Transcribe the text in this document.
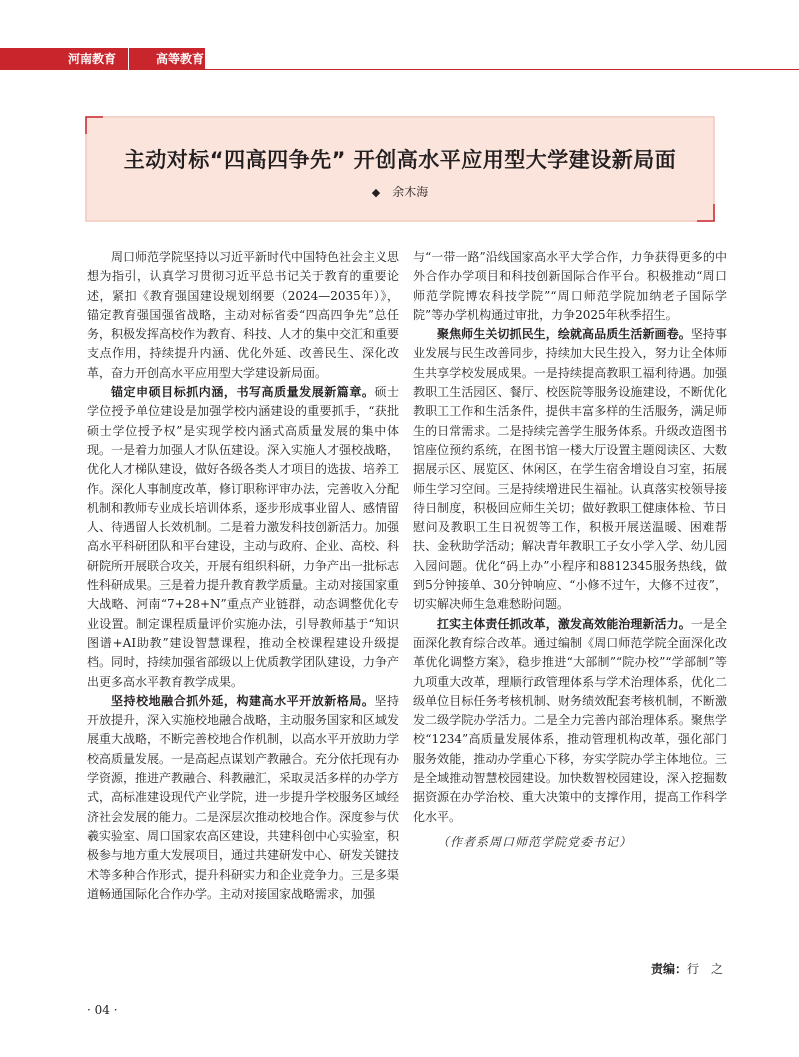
河南教育	高等教育
主动对标“四高四争先” 开创高水平应用型大学建设新局面
◆ 余木海

周口师范学院坚持以习近平新时代中国特色社会主义思想为指引，认真学习贯彻习近平总书记关于教育的重要论述，紧扣《教育强国建设规划纲要（2024—2035年）》，锚定教育强国强省战略，主动对标省委“四高四争先”总任务，积极发挥高校作为教育、科技、人才的集中交汇和重要支点作用，持续提升内涵、优化外延、改善民生、深化改革，奋力开创高水平应用型大学建设新局面。

锚定申硕目标抓内涵，书写高质量发展新篇章。硕士学位授予单位建设是加强学校内涵建设的重要抓手，“获批硕士学位授予权”是实现学校内涵式高质量发展的集中体现。一是着力加强人才队伍建设。深入实施人才强校战略，优化人才梯队建设，做好各级各类人才项目的选拔、培养工作。深化人事制度改革，修订职称评审办法，完善收入分配机制和教师专业成长培训体系，逐步形成事业留人、感情留人、待遇留人长效机制。二是着力激发科技创新活力。加强高水平科研团队和平台建设，主动与政府、企业、高校、科研院所开展联合攻关，开展有组织科研，力争产出一批标志性科研成果。三是着力提升教育教学质量。主动对接国家重大战略、河南“7+28+N”重点产业链群，动态调整优化专业设置。制定课程质量评价实施办法，引导教师基于“知识图谱+AI助教”建设智慧课程，推动全校课程建设升级提档。同时，持续加强省部级以上优质教学团队建设，力争产出更多高水平教育教学成果。

坚持校地融合抓外延，构建高水平开放新格局。坚持开放提升，深入实施校地融合战略，主动服务国家和区域发展重大战略，不断完善校地合作机制，以高水平开放助力学校高质量发展。一是高起点谋划产教融合。充分依托现有办学资源，推进产教融合、科教融汇，采取灵活多样的办学方式，高标准建设现代产业学院，进一步提升学校服务区域经济社会发展的能力。二是深层次推动校地合作。深度参与伏羲实验室、周口国家农高区建设，共建科创中心实验室，积极参与地方重大发展项目，通过共建研发中心、研发关键技术等多种合作形式，提升科研实力和企业竞争力。三是多渠道畅通国际化合作办学。主动对接国家战略需求，加强

与“一带一路”沿线国家高水平大学合作，力争获得更多的中外合作办学项目和科技创新国际合作平台。积极推动“周口师范学院博农科技学院”“周口师范学院加纳老子国际学院”等办学机构通过审批，力争2025年秋季招生。

聚焦师生关切抓民生，绘就高品质生活新画卷。坚持事业发展与民生改善同步，持续加大民生投入，努力让全体师生共享学校发展成果。一是持续提高教职工福利待遇。加强教职工生活园区、餐厅、校医院等服务设施建设，不断优化教职工工作和生活条件，提供丰富多样的生活服务，满足师生的日常需求。二是持续完善学生服务体系。升级改造图书馆座位预约系统，在图书馆一楼大厅设置主题阅读区、大数据展示区、展览区、休闲区，在学生宿舍增设自习室，拓展师生学习空间。三是持续增进民生福祉。认真落实校领导接待日制度，积极回应师生关切；做好教职工健康体检、节日慰问及教职工生日祝贺等工作，积极开展送温暖、困难帮扶、金秋助学活动；解决青年教职工子女小学入学、幼儿园入园问题。优化“码上办”小程序和8812345服务热线，做到5分钟接单、30分钟响应、“小修不过午，大修不过夜”，切实解决师生急难愁盼问题。

扛实主体责任抓改革，激发高效能治理新活力。一是全面深化教育综合改革。通过编制《周口师范学院全面深化改革优化调整方案》，稳步推进“大部制”“院办校”“学部制”等九项重大改革，理顺行政管理体系与学术治理体系，优化二级单位目标任务考核机制、财务绩效配套考核机制，不断激发二级学院办学活力。二是全力完善内部治理体系。聚焦学校“1234”高质量发展体系，推动管理机构改革，强化部门服务效能，推动办学重心下移，夯实学院办学主体地位。三是全域推动智慧校园建设。加快数智校园建设，深入挖掘数据资源在办学治校、重大决策中的支撑作用，提高工作科学化水平。

（作者系周口师范学院党委书记）

责编：行　之
· 04 ·
